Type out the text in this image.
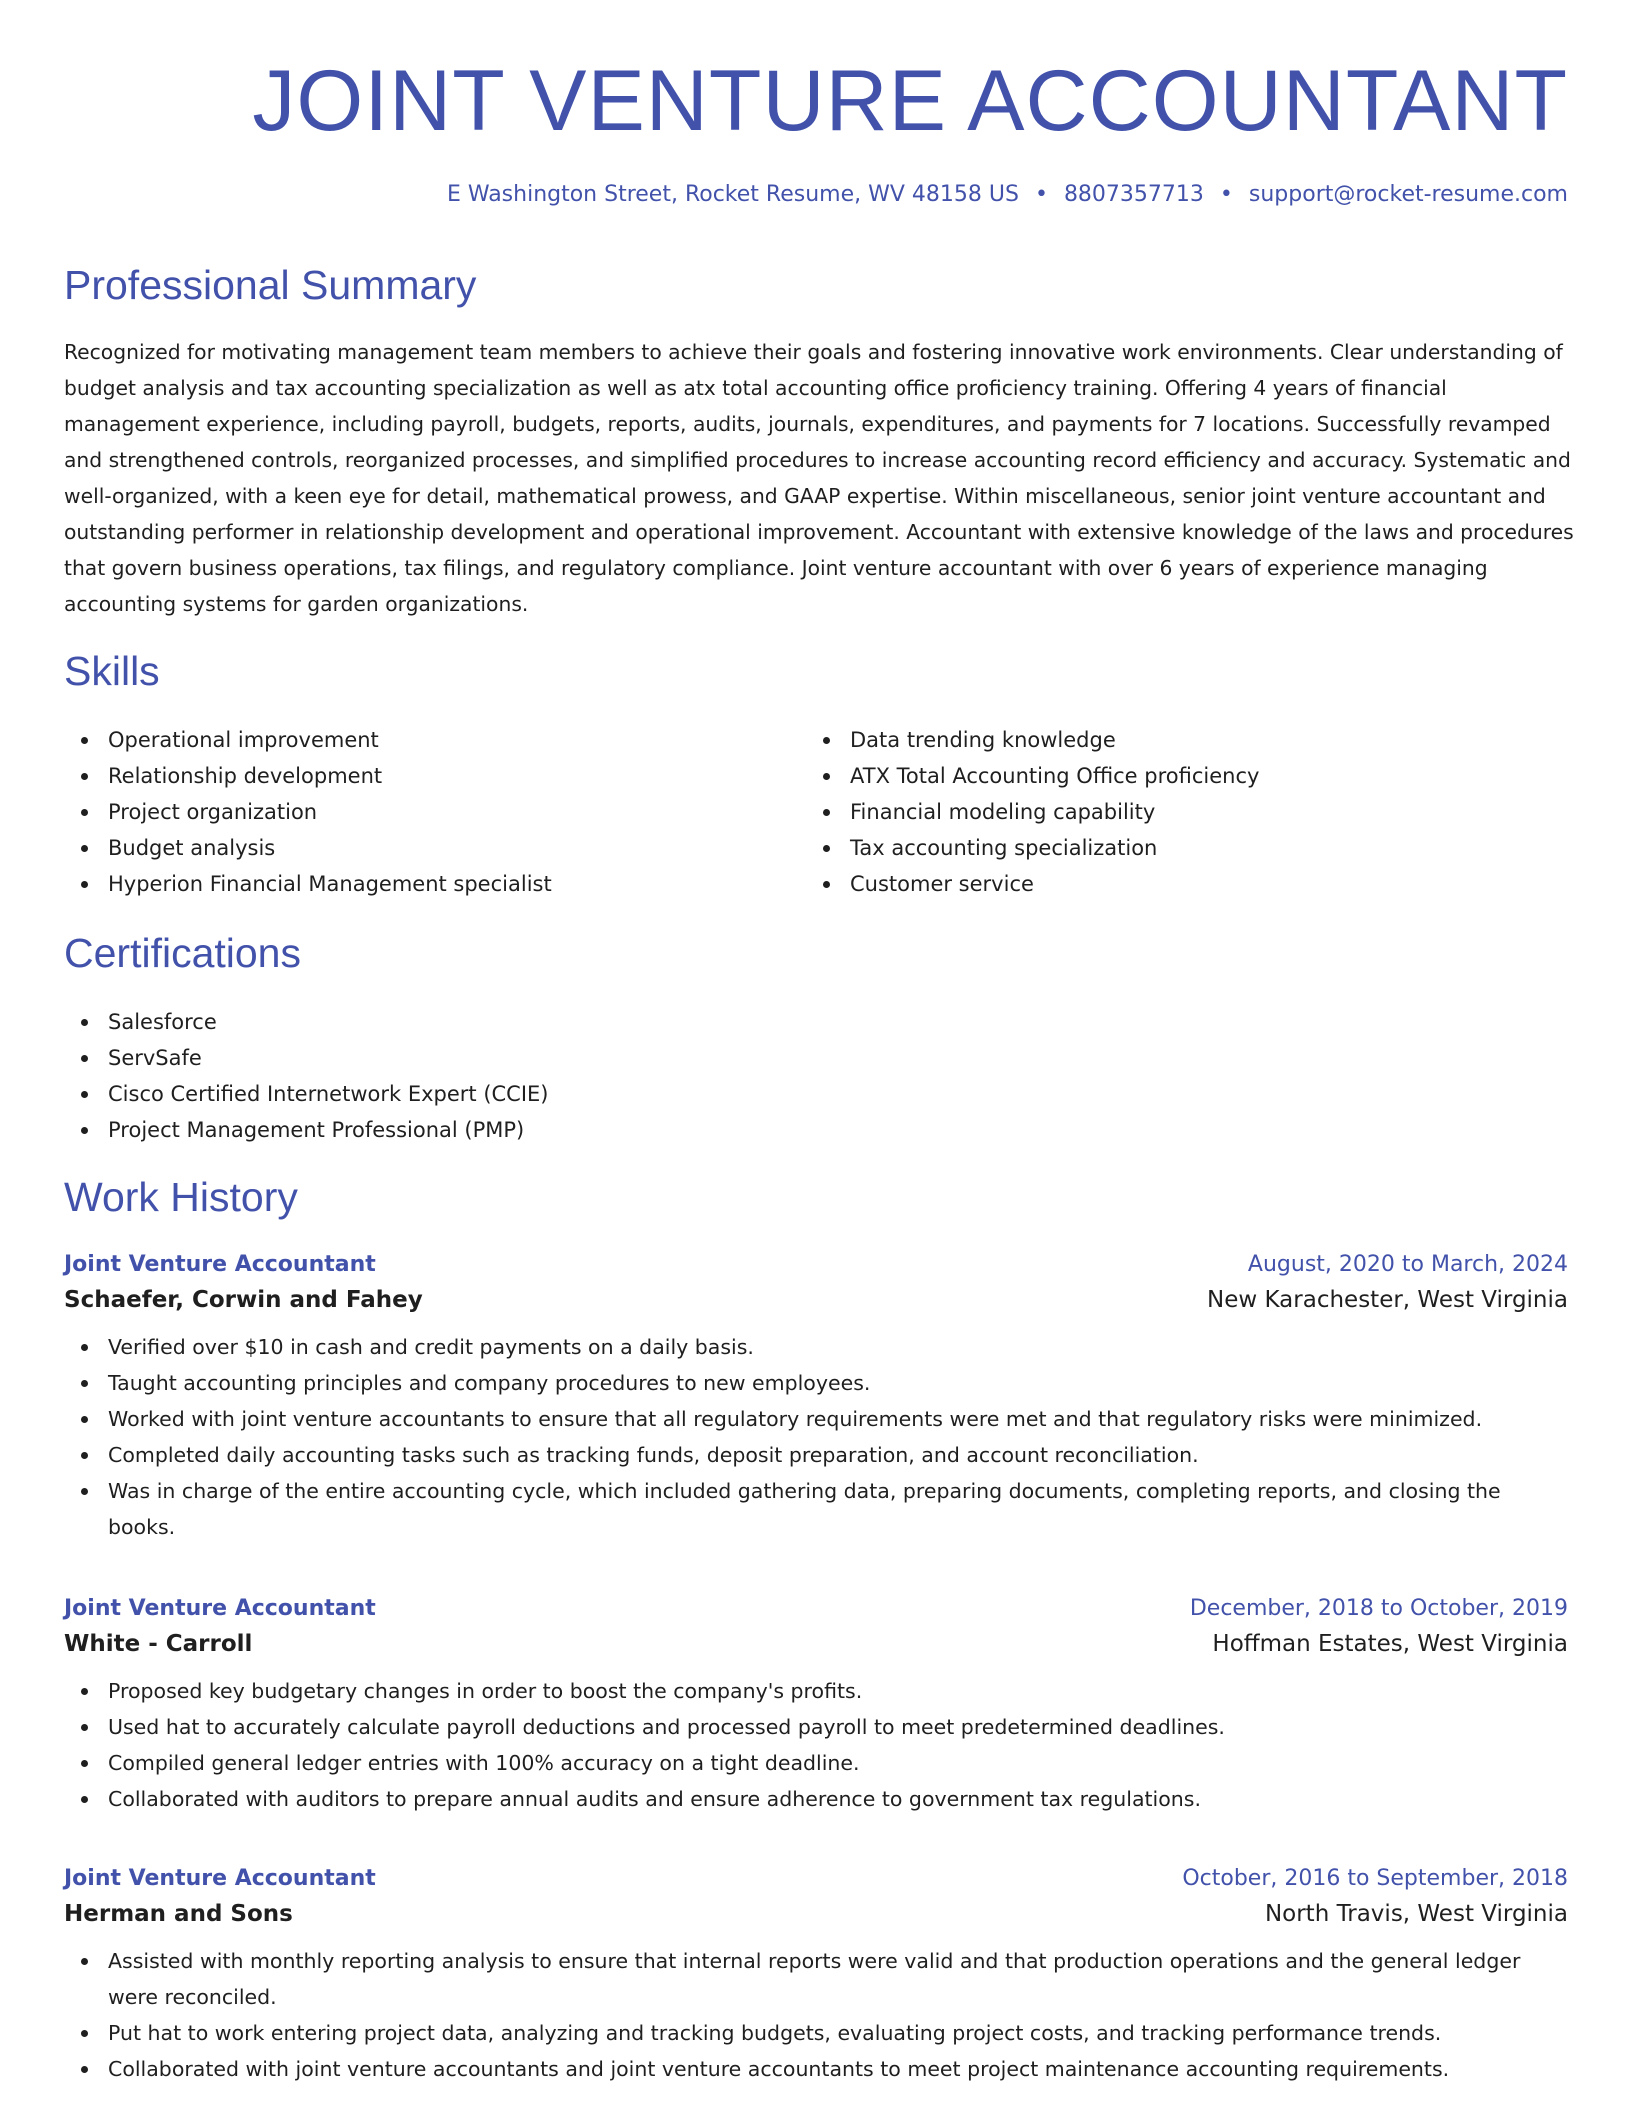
JOINT VENTURE ACCOUNTANT
E Washington Street, Rocket Resume, WV 48158 US • 8807357713 • support@rocket-resume.com
Professional Summary

Recognized for motivating management team members to achieve their goals and fostering innovative work environments. Clear understanding of budget analysis and tax accounting specialization as well as atx total accounting office proficiency training. Offering 4 years of financial management experience, including payroll, budgets, reports, audits, journals, expenditures, and payments for 7 locations. Successfully revamped and strengthened controls, reorganized processes, and simplified procedures to increase accounting record efficiency and accuracy. Systematic and well-organized, with a keen eye for detail, mathematical prowess, and GAAP expertise. Within miscellaneous, senior joint venture accountant and outstanding performer in relationship development and operational improvement. Accountant with extensive knowledge of the laws and procedures that govern business operations, tax filings, and regulatory compliance. Joint venture accountant with over 6 years of experience managing accounting systems for garden organizations.

Skills
Operational improvement
Relationship development
Project organization
Budget analysis
Hyperion Financial Management specialist
Data trending knowledge
ATX Total Accounting Office proficiency
Financial modeling capability
Tax accounting specialization
Customer service
Certifications
Salesforce
ServSafe
Cisco Certified Internetwork Expert (CCIE)
Project Management Professional (PMP)
Work History
Joint Venture Accountant	August, 2020 to March, 2024
Schaefer, Corwin and Fahey	New Karachester, West Virginia
Verified over $10 in cash and credit payments on a daily basis.
Taught accounting principles and company procedures to new employees.
Worked with joint venture accountants to ensure that all regulatory requirements were met and that regulatory risks were minimized.
Completed daily accounting tasks such as tracking funds, deposit preparation, and account reconciliation.
Was in charge of the entire accounting cycle, which included gathering data, preparing documents, completing reports, and closing the books.
Joint Venture Accountant	December, 2018 to October, 2019
White - Carroll	Hoffman Estates, West Virginia
Proposed key budgetary changes in order to boost the company's profits.
Used hat to accurately calculate payroll deductions and processed payroll to meet predetermined deadlines.
Compiled general ledger entries with 100% accuracy on a tight deadline.
Collaborated with auditors to prepare annual audits and ensure adherence to government tax regulations.
Joint Venture Accountant	October, 2016 to September, 2018
Herman and Sons	North Travis, West Virginia
Assisted with monthly reporting analysis to ensure that internal reports were valid and that production operations and the general ledger were reconciled.
Put hat to work entering project data, analyzing and tracking budgets, evaluating project costs, and tracking performance trends.
Collaborated with joint venture accountants and joint venture accountants to meet project maintenance accounting requirements.
